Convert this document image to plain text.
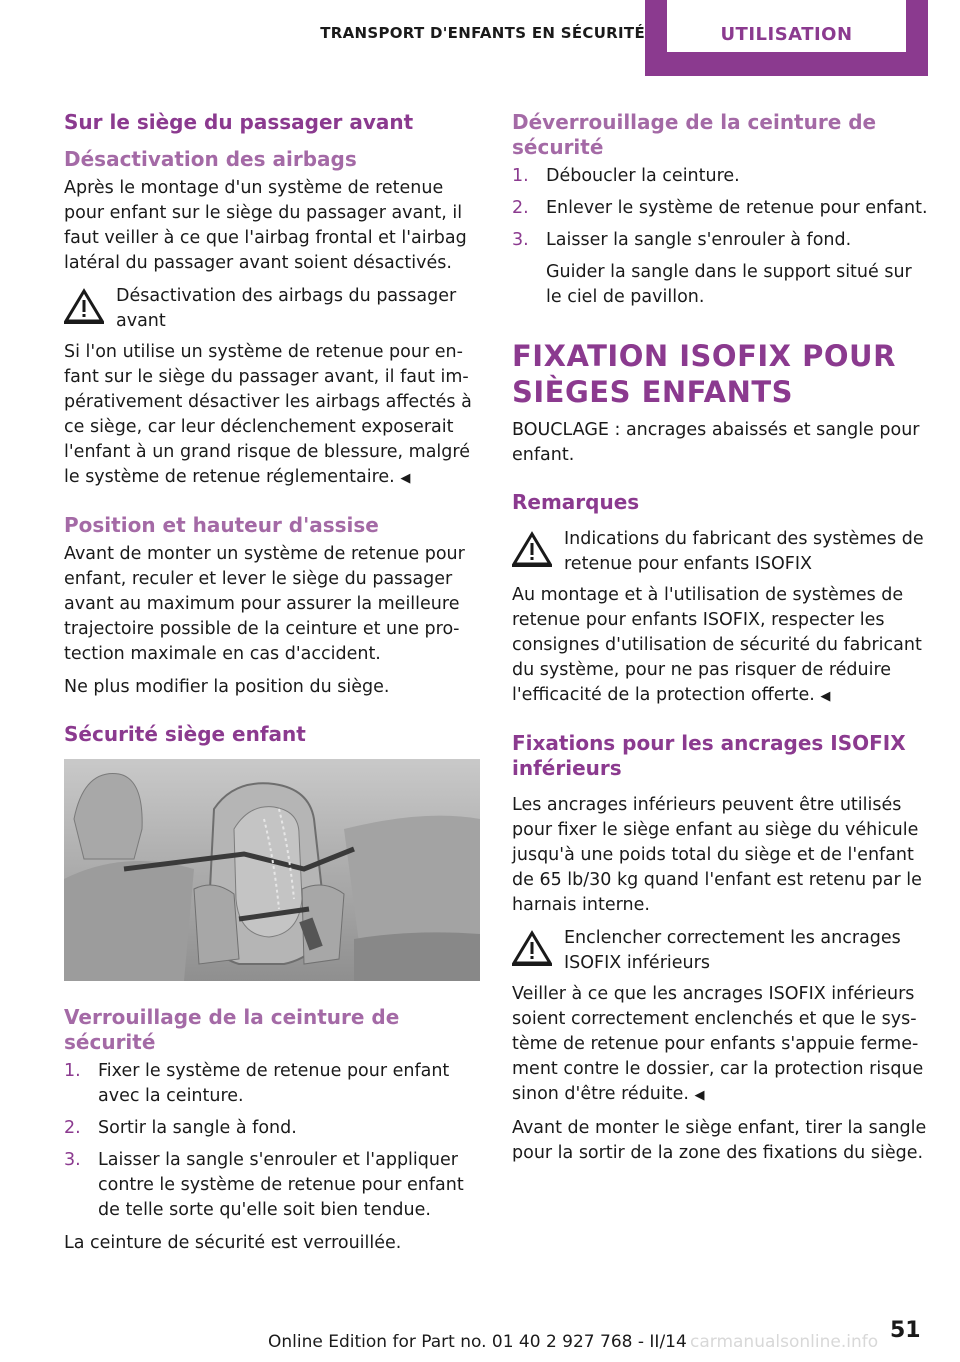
TRANSPORT D'ENFANTS EN SÉCURITÉ	UTILISATION
Sur le siège du passager avant
Désactivation des airbags

Après le montage d'un système de retenue pour enfant sur le siège du passager avant, il faut veiller à ce que l'airbag frontal et l'airbag latéral du passager avant soient désactivés.

Désactivation des airbags du passager avant

Si l'on utilise un système de retenue pour enfant sur le siège du passager avant, il faut impérativement désactiver les airbags affectés à ce siège, car leur déclenchement exposerait l'enfant à un grand risque de blessure, malgré le système de retenue réglementaire. ◀

Position et hauteur d'assise

Avant de monter un système de retenue pour enfant, reculer et lever le siège du passager avant au maximum pour assurer la meilleure trajectoire possible de la ceinture et une protection maximale en cas d'accident.

Ne plus modifier la position du siège.

Sécurité siège enfant
Verrouillage de la ceinture de sécurité
1. Fixer le système de retenue pour enfant avec la ceinture.
2. Sortir la sangle à fond.
3. Laisser la sangle s'enrouler et l'appliquer contre le système de retenue pour enfant de telle sorte qu'elle soit bien tendue.

La ceinture de sécurité est verrouillée.

Déverrouillage de la ceinture de sécurité
1. Déboucler la ceinture.
2. Enlever le système de retenue pour enfant.
3. Laisser la sangle s'enrouler à fond.
Guider la sangle dans le support situé sur le ciel de pavillon.
FIXATION ISOFIX POUR SIÈGES ENFANTS

BOUCLAGE : ancrages abaissés et sangle pour enfant.

Remarques

Indications du fabricant des systèmes de retenue pour enfants ISOFIX

Au montage et à l'utilisation de systèmes de retenue pour enfants ISOFIX, respecter les consignes d'utilisation de sécurité du fabricant du système, pour ne pas risquer de réduire l'efficacité de la protection offerte. ◀

Fixations pour les ancrages ISOFIX inférieurs

Les ancrages inférieurs peuvent être utilisés pour fixer le siège enfant au siège du véhicule jusqu'à une poids total du siège et de l'enfant de 65 lb/30 kg quand l'enfant est retenu par le harnais interne.

Enclencher correctement les ancrages ISOFIX inférieurs

Veiller à ce que les ancrages ISOFIX inférieurs soient correctement enclenchés et que le système de retenue pour enfants s'appuie fermement contre le dossier, car la protection risque sinon d'être réduite. ◀

Avant de monter le siège enfant, tirer la sangle pour la sortir de la zone des fixations du siège.

51
Online Edition for Part no. 01 40 2 927 768 - II/14 carmanualsonline.info
